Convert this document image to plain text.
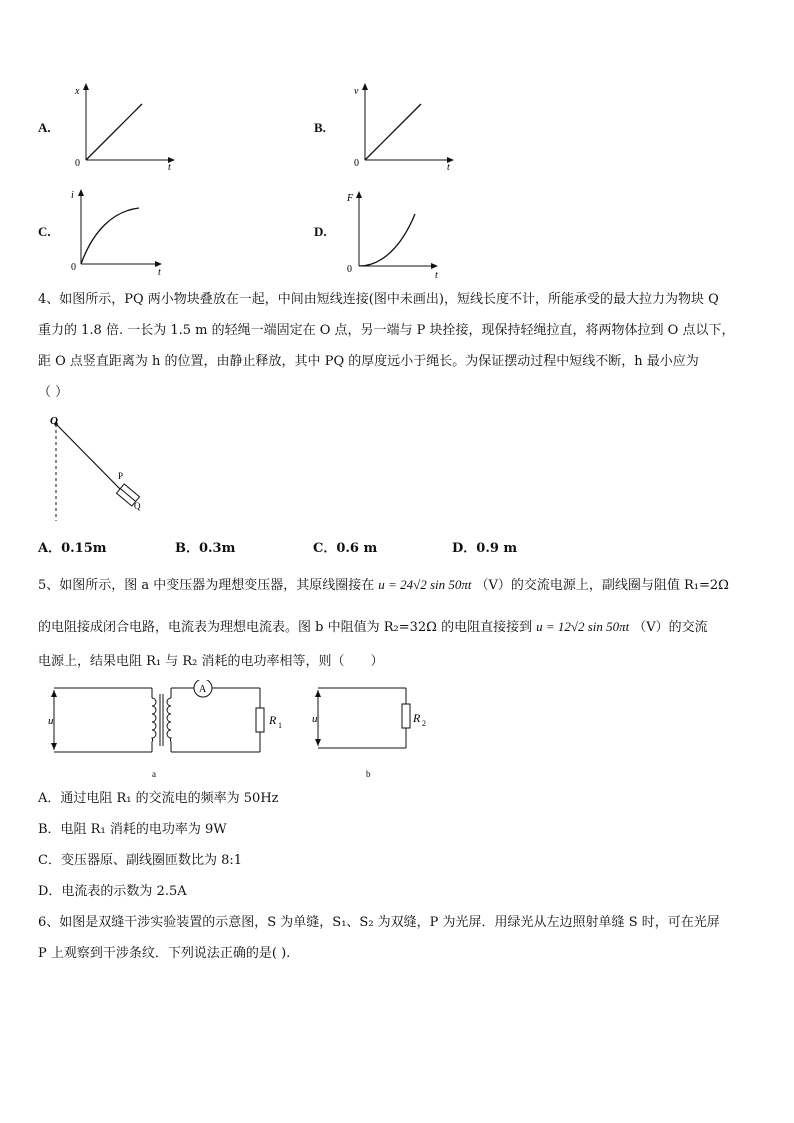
A.
x
t
0
B.
v
t
0
C.
i
t
0
D.
F
t
0
4、如图所示，PQ 两小物块叠放在一起，中间由短线连接(图中未画出)，短线长度不计，所能承受的最大拉力为物块 Q
重力的 1.8 倍. 一长为 1.5 m 的轻绳一端固定在 O 点，另一端与 P 块拴接，现保持轻绳拉直，将两物体拉到 O 点以下，
距 O 点竖直距离为 h 的位置，由静止释放，其中 PQ 的厚度远小于绳长。为保证摆动过程中短线不断，h 最小应为
（ ）
O
P
Q
A．0.15m	B．0.3m	C．0.6 m	D．0.9 m
5、如图所示，图 a 中变压器为理想变压器，其原线圈接在 u = 24√2 sin 50πt （V）的交流电源上，副线圈与阻值 R₁=2Ω
的电阻接成闭合电路，电流表为理想电流表。图 b 中阻值为 R₂=32Ω 的电阻直接接到 u = 12√2 sin 50πt （V）的交流
电源上，结果电阻 R₁ 与 R₂ 消耗的电功率相等，则（　　）
u
A
R 1
a
u	R 2
b
A．通过电阻 R₁ 的交流电的频率为 50Hz
B．电阻 R₁ 消耗的电功率为 9W
C．变压器原、副线圈匝数比为 8:1
D．电流表的示数为 2.5A
6、如图是双缝干涉实验装置的示意图，S 为单缝，S₁、S₂ 为双缝，P 为光屏．用绿光从左边照射单缝 S 时，可在光屏
P 上观察到干涉条纹．下列说法正确的是( ).
